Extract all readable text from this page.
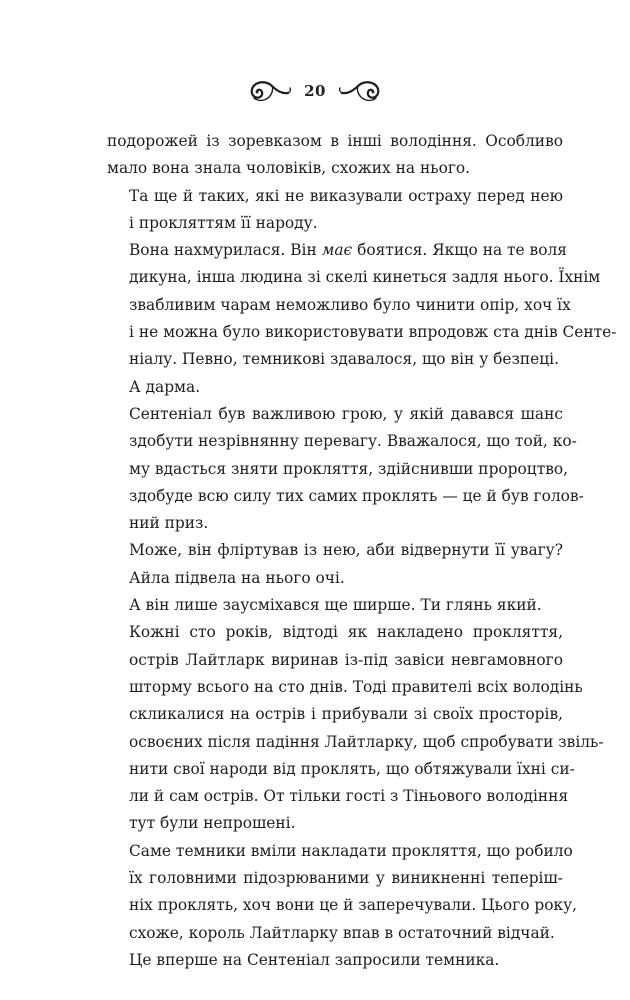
20

подорожей із зоревказом в інші володіння. Особливо
мало вона знала чоловіків, схожих на нього.

Та ще й таких, які не виказували остраху перед нею
і прокляттям її народу.

Вона нахмурилася. Він має боятися. Якщо на те воля
дикуна, інша людина зі скелі кинеться задля нього. Їхнім
звабливим чарам неможливо було чинити опір, хоч їх
і не можна було використовувати впродовж ста днів Сенте-
ніалу. Певно, темникові здавалося, що він у безпеці.

А дарма.

Сентеніал був важливою грою, у якій давався шанс
здобути незрівнянну перевагу. Вважалося, що той, ко-
му вдасться зняти прокляття, здійснивши пророцтво,
здобуде всю силу тих самих проклять — це й був голов-
ний приз.

Може, він фліртував із нею, аби відвернути її увагу?
Айла підвела на нього очі.

А він лише заусміхався ще ширше. Ти глянь який.

Кожні сто років, відтоді як накладено прокляття,
острів Лайтларк виринав із-під завіси невгамовного
шторму всього на сто днів. Тоді правителі всіх володінь
скликалися на острів і прибували зі своїх просторів,
освоєних після падіння Лайтларку, щоб спробувати звіль-
нити свої народи від проклять, що обтяжували їхні си-
ли й сам острів. От тільки гості з Тіньового володіння
тут були непрошені.

Саме темники вміли накладати прокляття, що робило
їх головними підозрюваними у виникненні теперіш-
ніх проклять, хоч вони це й заперечували. Цього року,
схоже, король Лайтларку впав в остаточний відчай.

Це вперше на Сентеніал запросили темника.
